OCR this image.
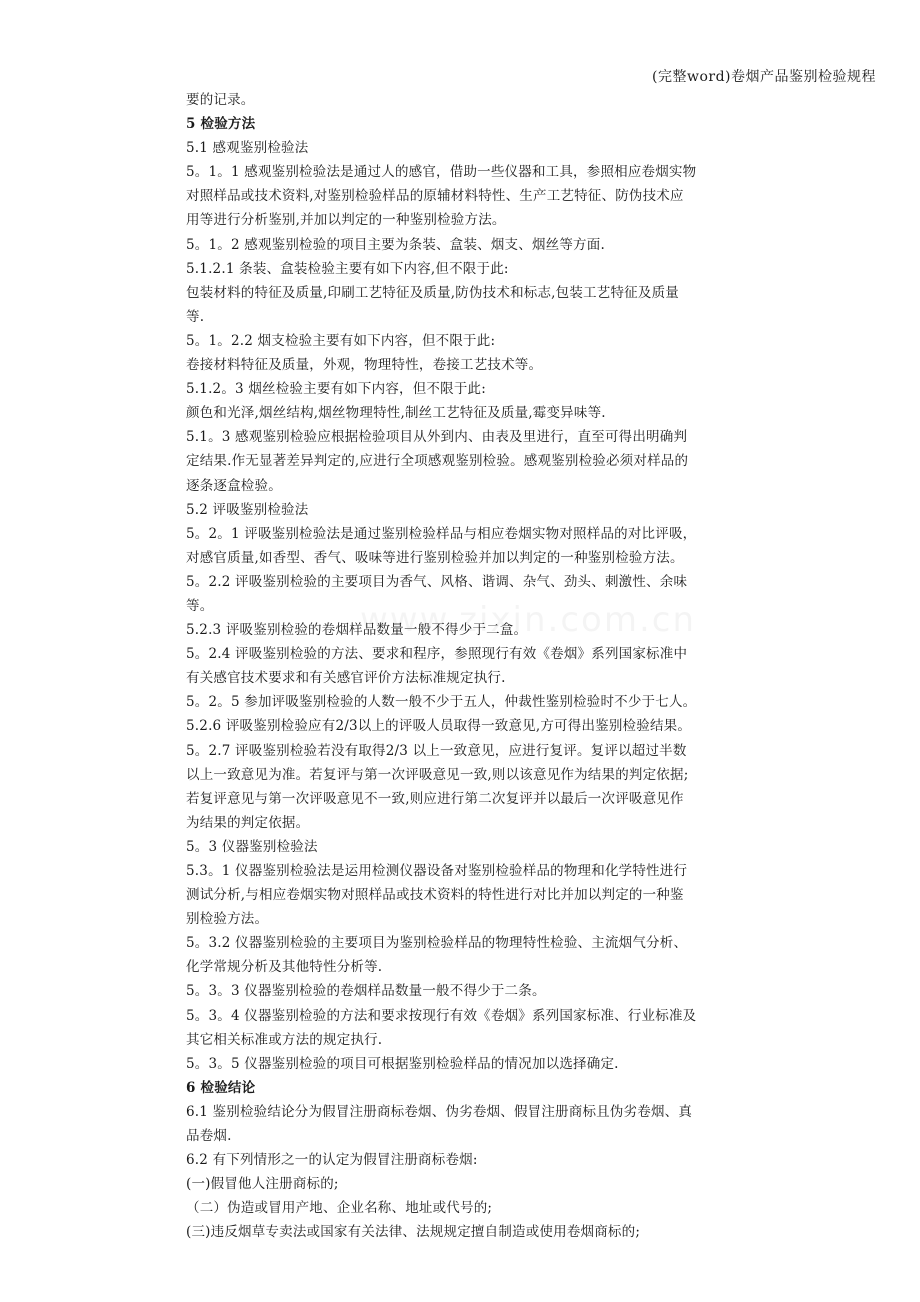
(完整word)卷烟产品鉴别检验规程
要的记录。
5 检验方法
5.1 感观鉴别检验法
5。1。1 感观鉴别检验法是通过人的感官，借助一些仪器和工具，参照相应卷烟实物
对照样品或技术资料,对鉴别检验样品的原辅材料特性、生产工艺特征、防伪技术应
用等进行分析鉴别,并加以判定的一种鉴别检验方法。
5。1。2 感观鉴别检验的项目主要为条装、盒装、烟支、烟丝等方面.
5.1.2.1 条装、盒装检验主要有如下内容,但不限于此:
包装材料的特征及质量,印刷工艺特征及质量,防伪技术和标志,包装工艺特征及质量
等.
5。1。2.2 烟支检验主要有如下内容，但不限于此:
卷接材料特征及质量，外观，物理特性，卷接工艺技术等。
5.1.2。3 烟丝检验主要有如下内容，但不限于此:
颜色和光泽,烟丝结构,烟丝物理特性,制丝工艺特征及质量,霉变异味等.
5.1。3 感观鉴别检验应根据检验项目从外到内、由表及里进行，直至可得出明确判
定结果.作无显著差异判定的,应进行全项感观鉴别检验。感观鉴别检验必须对样品的
逐条逐盒检验。
5.2 评吸鉴别检验法
5。2。1 评吸鉴别检验法是通过鉴别检验样品与相应卷烟实物对照样品的对比评吸，
对感官质量,如香型、香气、吸味等进行鉴别检验并加以判定的一种鉴别检验方法。
5。2.2 评吸鉴别检验的主要项目为香气、风格、谐调、杂气、劲头、刺激性、余味
等。
5.2.3 评吸鉴别检验的卷烟样品数量一般不得少于二盒。
5。2.4 评吸鉴别检验的方法、要求和程序，参照现行有效《卷烟》系列国家标准中
有关感官技术要求和有关感官评价方法标准规定执行.
5。2。5 参加评吸鉴别检验的人数一般不少于五人，仲裁性鉴别检验时不少于七人。
5.2.6 评吸鉴别检验应有2/3以上的评吸人员取得一致意见,方可得出鉴别检验结果。
5。2.7 评吸鉴别检验若没有取得2/3 以上一致意见，应进行复评。复评以超过半数
以上一致意见为准。若复评与第一次评吸意见一致,则以该意见作为结果的判定依据;
若复评意见与第一次评吸意见不一致,则应进行第二次复评并以最后一次评吸意见作
为结果的判定依据。
5。3 仪器鉴别检验法
5.3。1 仪器鉴别检验法是运用检测仪器设备对鉴别检验样品的物理和化学特性进行
测试分析,与相应卷烟实物对照样品或技术资料的特性进行对比并加以判定的一种鉴
别检验方法。
5。3.2 仪器鉴别检验的主要项目为鉴别检验样品的物理特性检验、主流烟气分析、
化学常规分析及其他特性分析等.
5。3。3 仪器鉴别检验的卷烟样品数量一般不得少于二条。
5。3。4 仪器鉴别检验的方法和要求按现行有效《卷烟》系列国家标准、行业标准及
其它相关标准或方法的规定执行.
5。3。5 仪器鉴别检验的项目可根据鉴别检验样品的情况加以选择确定.
6 检验结论
6.1 鉴别检验结论分为假冒注册商标卷烟、伪劣卷烟、假冒注册商标且伪劣卷烟、真
品卷烟.
6.2 有下列情形之一的认定为假冒注册商标卷烟:
(一)假冒他人注册商标的;
（二）伪造或冒用产地、企业名称、地址或代号的;
(三)违反烟草专卖法或国家有关法律、法规规定擅自制造或使用卷烟商标的;
